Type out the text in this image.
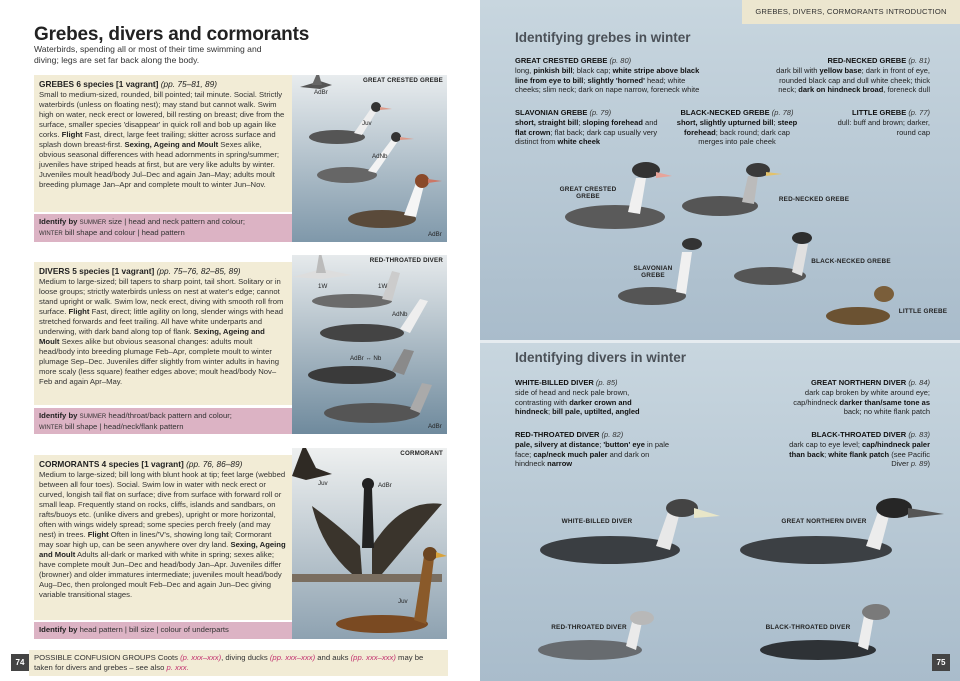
Grebes, divers and cormorants
Waterbirds, spending all or most of their time swimming and diving; legs are set far back along the body.
GREBES 6 species [1 vagrant] (pp. 75–81, 89)
Small to medium-sized, rounded, bill pointed; tail minute. Social. Strictly waterbirds (unless on floating nest); may stand but cannot walk. Swim high on water, neck erect or lowered, bill resting on breast; dive from the surface, smaller species 'disappear' in quick roll and bob up again like corks. Flight Fast, direct, large feet trailing; skitter across surface and splash down breast-first. Sexing, Ageing and Moult Sexes alike, obvious seasonal differences with head adornments in spring/summer; juveniles have striped heads at first, but are very like adults by winter. Juveniles moult head/body Jul–Dec and again Jan–May; adults moult breeding plumage Jan–Apr and complete moult to winter Jun–Nov.
Identify by SUMMER size | head and neck pattern and colour;
WINTER bill shape and colour | head pattern
GREAT CRESTED GREBE
AdBr
Juv
AdNb
AdBr
DIVERS 5 species [1 vagrant] (pp. 75–76, 82–85, 89)
Medium to large-sized; bill tapers to sharp point, tail short. Solitary or in loose groups; strictly waterbirds unless on nest at water's edge; cannot stand upright or walk. Swim low, neck erect, diving with smooth roll from surface. Flight Fast, direct; little agility on long, slender wings with head stretched forwards and feet trailing. All have white underparts and underwing, with dark band along top of flank. Sexing, Ageing and Moult Sexes alike but obvious seasonal changes: adults moult head/body into breeding plumage Feb–Apr, complete moult to winter plumage Sep–Dec. Juveniles differ slightly from winter adults in having more scaly (less square) feather edges above; moult head/body Nov–Feb and again Apr–May.
Identify by SUMMER head/throat/back pattern and colour;
WINTER bill shape | head/neck/flank pattern
RED-THROATED DIVER
1W	1W
AdNb
AdBr ↔ Nb
AdBr
CORMORANTS 4 species [1 vagrant] (pp. 76, 86–89)
Medium to large-sized; bill long with blunt hook at tip; feet large (webbed between all four toes). Social. Swim low in water with neck erect or curved, longish tail flat on surface; dive from surface with forward roll or small leap. Frequently stand on rocks, cliffs, islands and sandbars, on rafts/buoys etc. (unlike divers and grebes), upright or more horizontal, often with wings widely spread; some species perch freely (and may nest) in trees. Flight Often in lines/'V's, showing long tail; Cormorant may soar high up, can be seen anywhere over dry land. Sexing, Ageing and Moult Adults all-dark or marked with white in spring; sexes alike; have complete moult Jun–Dec and head/body Jan–Apr. Juveniles differ (browner) and older immatures intermediate; juveniles moult head/body Aug–Dec, then prolonged moult Feb–Dec and again Jun–Dec giving variable transitional stages.
Identify by head pattern | bill size | colour of underparts
CORMORANT
Juv	AdBr
Juv
POSSIBLE CONFUSION GROUPS Coots (p. xxx–xxx), diving ducks (pp. xxx–xxx) and auks (pp. xxx–xxx) may be taken for divers and grebes – see also p. xxx.
74
GREBES, DIVERS, CORMORANTS INTRODUCTION
Identifying grebes in winter
GREAT CRESTED GREBE (p. 80)
long, pinkish bill; black cap; white stripe above black line from eye to bill; slightly 'horned' head; white cheeks; slim neck; dark on nape narrow, foreneck white
RED-NECKED GREBE (p. 81)
dark bill with yellow base; dark in front of eye, rounded black cap and dull white cheek; thick neck; dark on hindneck broad, foreneck dull
SLAVONIAN GREBE (p. 79)
short, straight bill; sloping forehead and flat crown; flat back; dark cap usually very distinct from white cheek
BLACK-NECKED GREBE (p. 78)
short, slightly upturned bill; steep forehead; back round; dark cap merges into pale cheek
LITTLE GREBE (p. 77)
dull: buff and brown; darker, round cap
GREAT CRESTED GREBE	RED-NECKED GREBE
SLAVONIAN GREBE
BLACK-NECKED GREBE
LITTLE GREBE
Identifying divers in winter
WHITE-BILLED DIVER (p. 85)
side of head and neck pale brown, contrasting with darker crown and hindneck; bill pale, uptilted, angled
GREAT NORTHERN DIVER (p. 84)
dark cap broken by white around eye; cap/hindneck darker than/same tone as back; no white flank patch
RED-THROATED DIVER (p. 82)
pale, silvery at distance; 'button' eye in pale face; cap/neck much paler and dark on hindneck narrow
BLACK-THROATED DIVER (p. 83)
dark cap to eye level; cap/hindneck paler than back; white flank patch (see Pacific Diver p. 89)
WHITE-BILLED DIVER	GREAT NORTHERN DIVER
RED-THROATED DIVER	BLACK-THROATED DIVER
75
